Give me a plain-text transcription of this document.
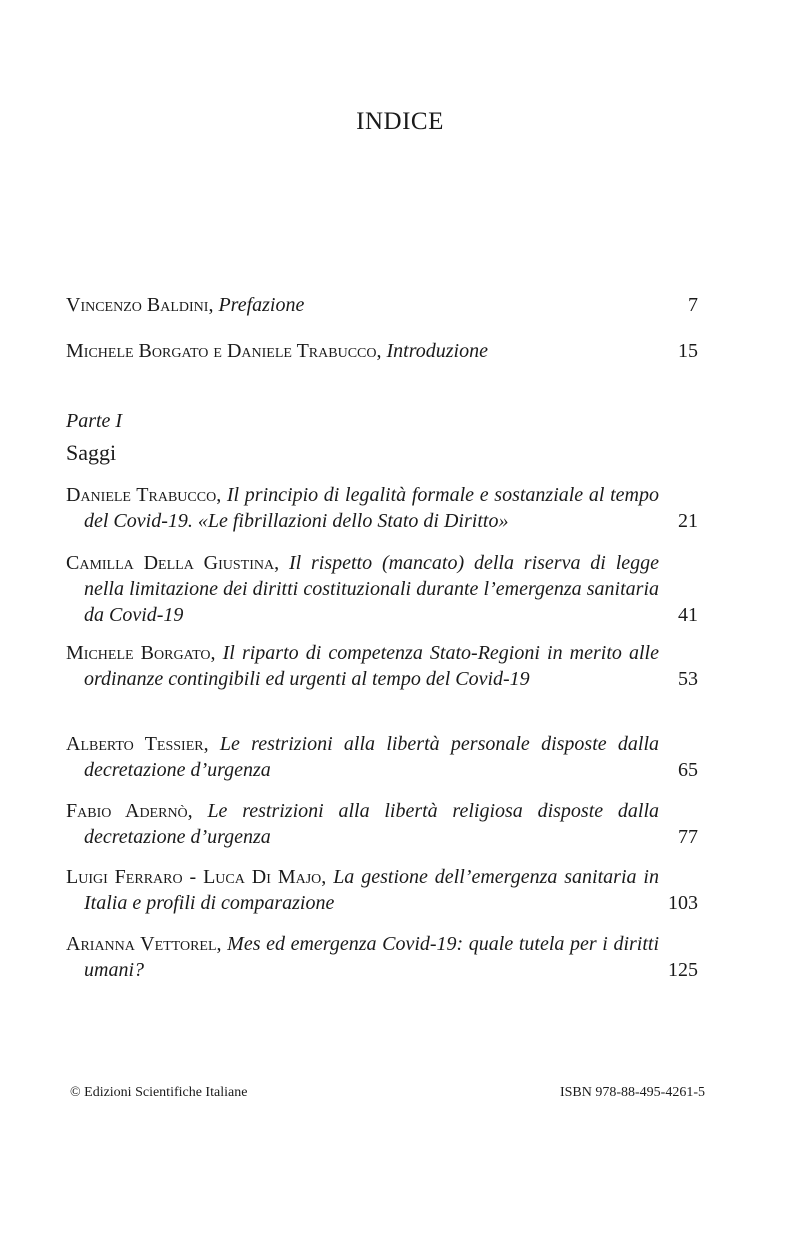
INDICE
Vincenzo Baldini, Prefazione	7
Michele Borgato e Daniele Trabucco, Introduzione	15
Parte I
Saggi
Daniele Trabucco, Il principio di legalità formale e sostanziale al tempo del Covid-19. «Le fibrillazioni dello Stato di Diritto»	21
Camilla Della Giustina, Il rispetto (mancato) della riserva di legge nella limitazione dei diritti costituzionali durante l’emergenza sanitaria da Covid-19	41
Michele Borgato, Il riparto di competenza Stato-Regioni in merito alle ordinanze contingibili ed urgenti al tempo del Covid-19	53
Alberto Tessier, Le restrizioni alla libertà personale disposte dalla decretazione d’urgenza	65
Fabio Adernò, Le restrizioni alla libertà religiosa disposte dalla decretazione d’urgenza	77
Luigi Ferraro - Luca Di Majo, La gestione dell’emergenza sanitaria in Italia e profili di comparazione	103
Arianna Vettorel, Mes ed emergenza Covid-19: quale tutela per i diritti umani?	125
© Edizioni Scientifiche Italiane	ISBN 978-88-495-4261-5
